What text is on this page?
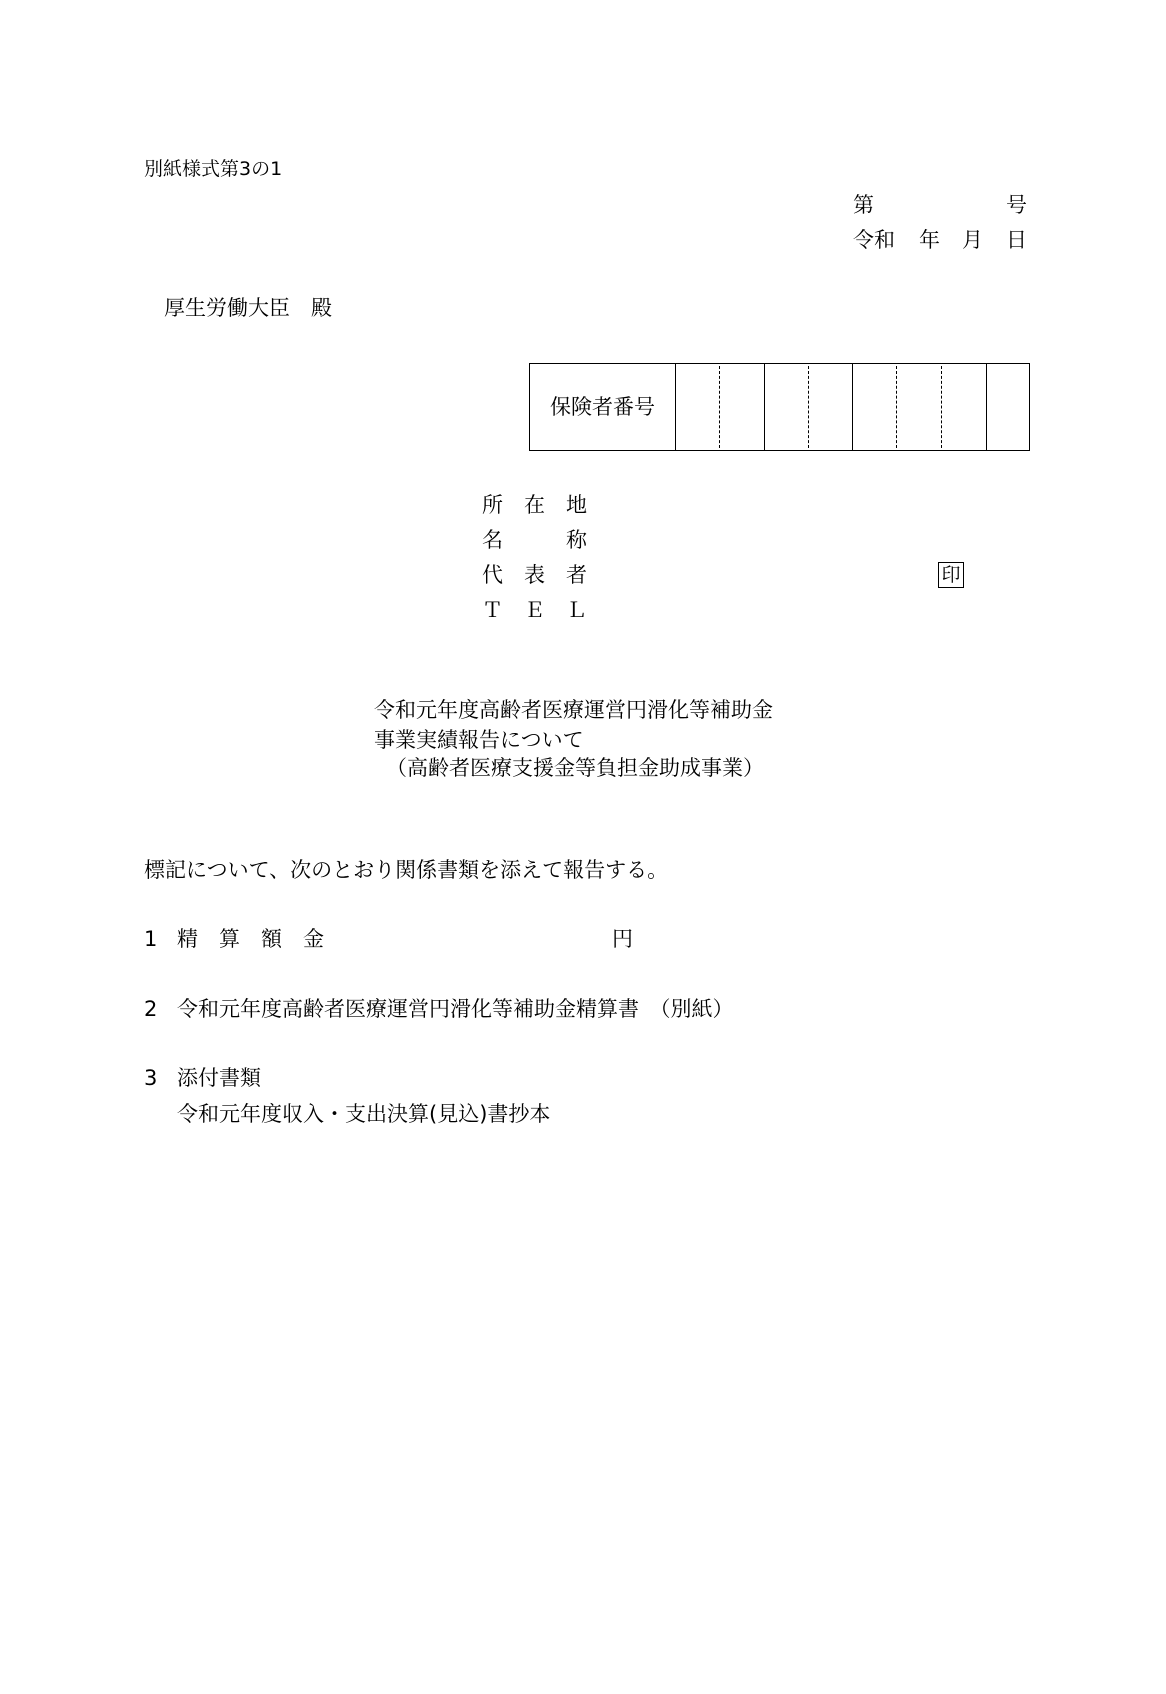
別紙様式第3の1
第	号
令和 年 月 日
厚生労働大臣　殿
保険者番号
所　在　地
名　　　称
代　表　者
Ｔ　Ｅ　Ｌ
印
令和元年度高齢者医療運営円滑化等補助金
事業実績報告について
（高齢者医療支援金等負担金助成事業）
標記について、次のとおり関係書類を添えて報告する。
1 精　算　額　金	円
2 令和元年度高齢者医療運営円滑化等補助金精算書　（別紙）
3 添付書類
令和元年度収入・支出決算(見込)書抄本
